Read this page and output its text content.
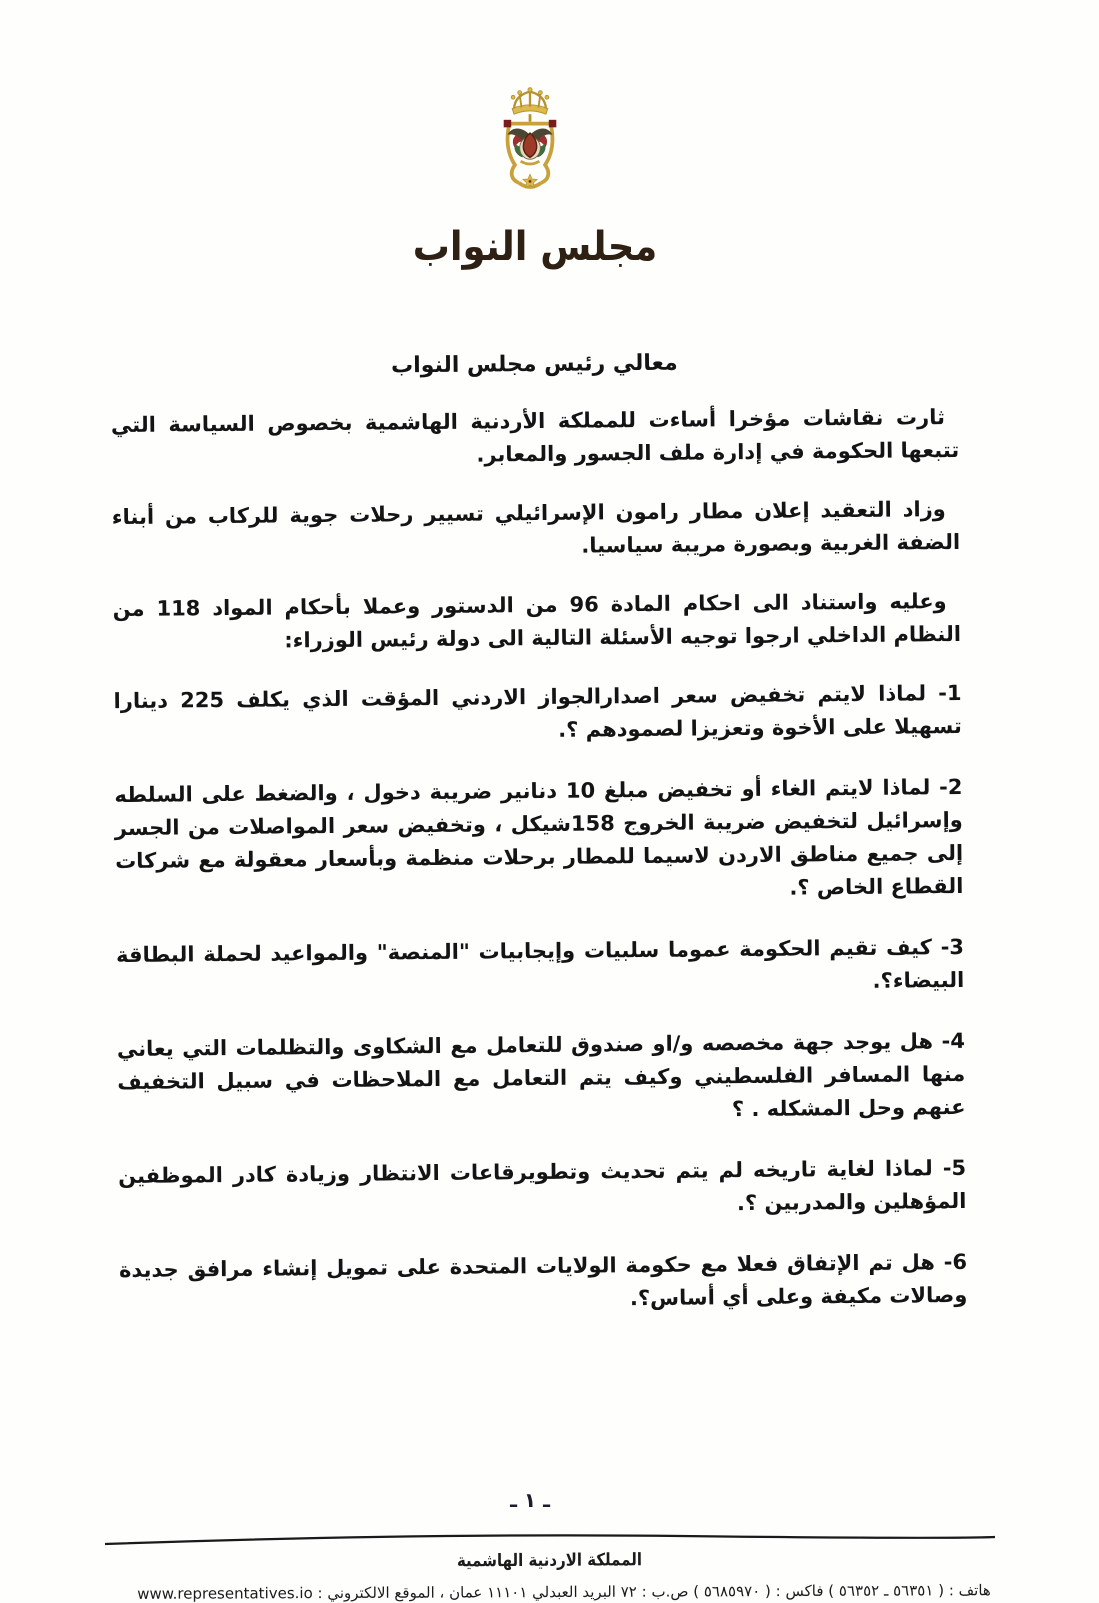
مجلس النواب
معالي رئيس مجلس النواب

ثارت نقاشات مؤخرا أساءت للمملكة الأردنية الهاشمية بخصوص السياسة التي تتبعها الحكومة في إدارة ملف الجسور والمعابر.

وزاد التعقيد إعلان مطار رامون الإسرائيلي تسيير رحلات جوية للركاب من أبناء الضفة الغربية وبصورة مريبة سياسيا.

وعليه واستناد الى احكام المادة 96 من الدستور وعملا بأحكام المواد 118 من النظام الداخلي ارجوا توجيه الأسئلة التالية الى دولة رئيس الوزراء:

1- لماذا لايتم تخفيض سعر اصدارالجواز الاردني المؤقت الذي يكلف 225 دينارا تسهيلا على الأخوة وتعزيزا لصمودهم ؟.

2- لماذا لايتم الغاء أو تخفيض مبلغ 10 دنانير ضريبة دخول ، والضغط على السلطه وإسرائيل لتخفيض ضريبة الخروج 158شيكل ، وتخفيض سعر المواصلات من الجسر إلى جميع مناطق الاردن لاسيما للمطار برحلات منظمة وبأسعار معقولة مع شركات القطاع الخاص ؟.

3- كيف تقيم الحكومة عموما سلبيات وإيجابيات "المنصة" والمواعيد لحملة البطاقة البيضاء؟.

4- هل يوجد جهة مخصصه و/او صندوق للتعامل مع الشكاوى والتظلمات التي يعاني منها المسافر الفلسطيني وكيف يتم التعامل مع الملاحظات في سبيل التخفيف عنهم وحل المشكله . ؟

5- لماذا لغاية تاريخه لم يتم تحديث وتطويرقاعات الانتظار وزيادة كادر الموظفين المؤهلين والمدربين ؟.

6- هل تم الإتفاق فعلا مع حكومة الولايات المتحدة على تمويل إنشاء مرافق جديدة وصالات مكيفة وعلى أي أساس؟.

ـ ١ ـ
المملكة الاردنية الهاشمية
هاتف : ( ٥٦٣٥١ ـ ٥٦٣٥٢ ) فاكس : ( ٥٦٨٥٩٧٠ ) ص.ب : ٧٢ البريد العبدلي ١١١٠١ عمان ، الموقع الالكتروني : www.representatives.io
